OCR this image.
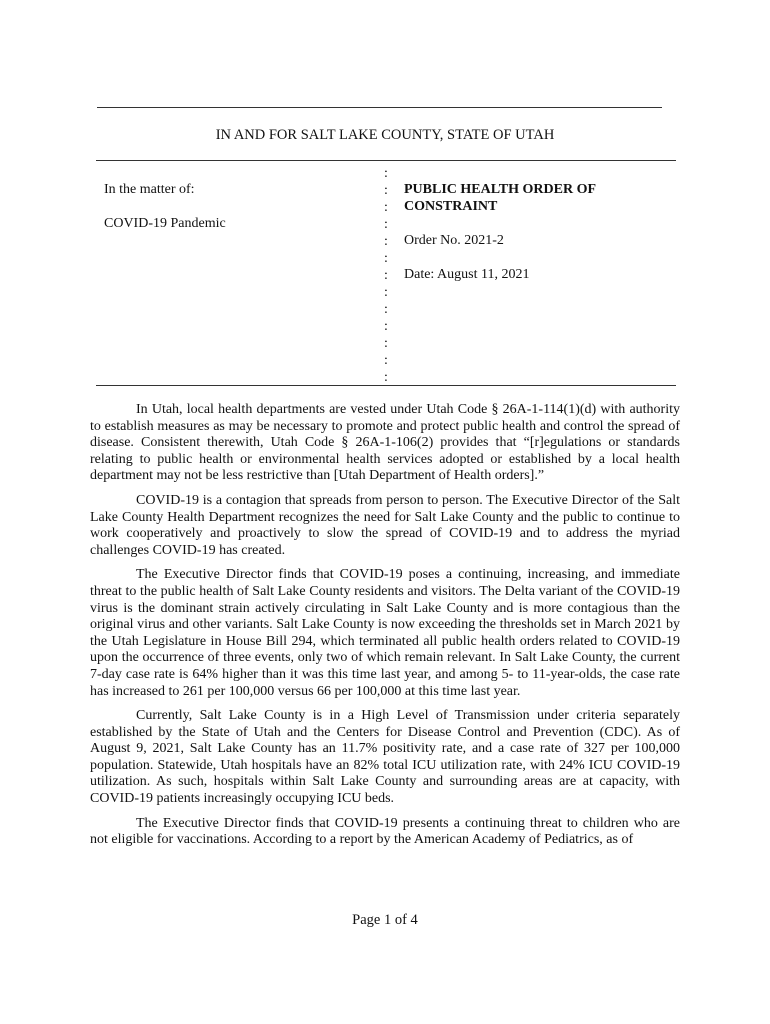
IN AND FOR SALT LAKE COUNTY, STATE OF UTAH
In the matter of:
COVID-19 Pandemic
:
:
:
:
:
:
:
:
:
:
:
:
:
PUBLIC HEALTH ORDER OF CONSTRAINT
Order No. 2021-2
Date: August 11, 2021

In Utah, local health departments are vested under Utah Code § 26A-1-114(1)(d) with authority to establish measures as may be necessary to promote and protect public health and control the spread of disease. Consistent therewith, Utah Code § 26A-1-106(2) provides that “[r]egulations or standards relating to public health or environmental health services adopted or established by a local health department may not be less restrictive than [Utah Department of Health orders].”

COVID-19 is a contagion that spreads from person to person. The Executive Director of the Salt Lake County Health Department recognizes the need for Salt Lake County and the public to continue to work cooperatively and proactively to slow the spread of COVID-19 and to address the myriad challenges COVID-19 has created.

The Executive Director finds that COVID-19 poses a continuing, increasing, and immediate threat to the public health of Salt Lake County residents and visitors. The Delta variant of the COVID-19 virus is the dominant strain actively circulating in Salt Lake County and is more contagious than the original virus and other variants. Salt Lake County is now exceeding the thresholds set in March 2021 by the Utah Legislature in House Bill 294, which terminated all public health orders related to COVID-19 upon the occurrence of three events, only two of which remain relevant. In Salt Lake County, the current 7-day case rate is 64% higher than it was this time last year, and among 5- to 11-year-olds, the case rate has increased to 261 per 100,000 versus 66 per 100,000 at this time last year.

Currently, Salt Lake County is in a High Level of Transmission under criteria separately established by the State of Utah and the Centers for Disease Control and Prevention (CDC). As of August 9, 2021, Salt Lake County has an 11.7% positivity rate, and a case rate of 327 per 100,000 population. Statewide, Utah hospitals have an 82% total ICU utilization rate, with 24% ICU COVID-19 utilization. As such, hospitals within Salt Lake County and surrounding areas are at capacity, with COVID-19 patients increasingly occupying ICU beds.

The Executive Director finds that COVID-19 presents a continuing threat to children who are not eligible for vaccinations. According to a report by the American Academy of Pediatrics, as of

Page 1 of 4
